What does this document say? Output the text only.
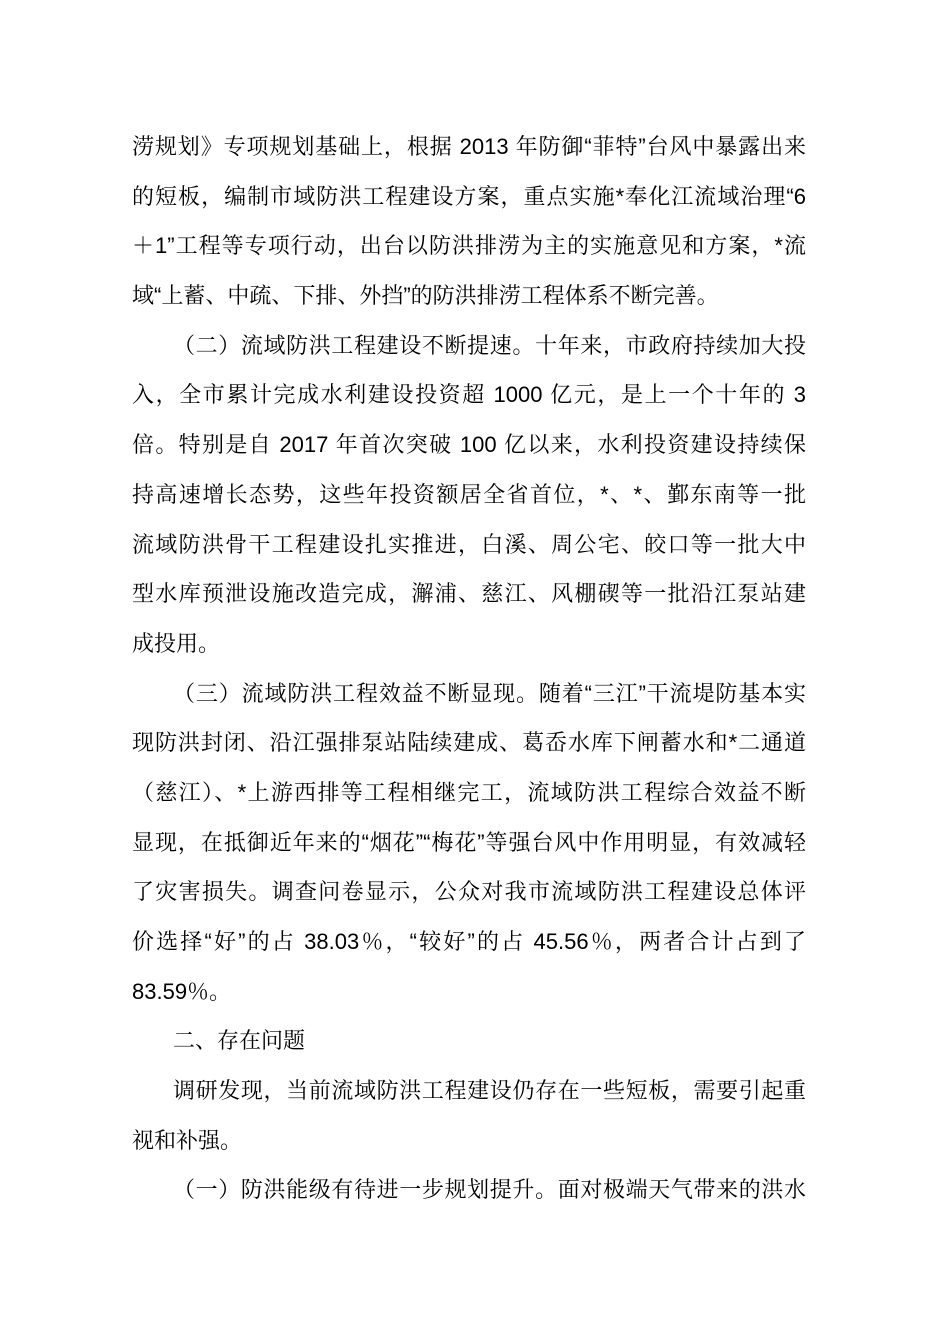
涝规划》专项规划基础上，根据 2013 年防御“菲特”台风中暴露出来
的短板，编制市域防洪工程建设方案，重点实施*奉化江流域治理“6
＋1”工程等专项行动，出台以防洪排涝为主的实施意见和方案，*流
域“上蓄、中疏、下排、外挡”的防洪排涝工程体系不断完善。
（二）流域防洪工程建设不断提速。十年来，市政府持续加大投
入，全市累计完成水利建设投资超 1000 亿元，是上一个十年的 3
倍。特别是自 2017 年首次突破 100 亿以来，水利投资建设持续保
持高速增长态势，这些年投资额居全省首位，*、*、鄞东南等一批
流域防洪骨干工程建设扎实推进，白溪、周公宅、皎口等一批大中
型水库预泄设施改造完成，澥浦、慈江、风棚碶等一批沿江泵站建
成投用。
（三）流域防洪工程效益不断显现。随着“三江”干流堤防基本实
现防洪封闭、沿江强排泵站陆续建成、葛岙水库下闸蓄水和*二通道
（慈江）、*上游西排等工程相继完工，流域防洪工程综合效益不断
显现，在抵御近年来的“烟花”“梅花”等强台风中作用明显，有效减轻
了灾害损失。调查问卷显示，公众对我市流域防洪工程建设总体评
价选择“好”的占 38.03％，“较好”的占 45.56％，两者合计占到了
83.59％。
二、存在问题
调研发现，当前流域防洪工程建设仍存在一些短板，需要引起重
视和补强。
（一）防洪能级有待进一步规划提升。面对极端天气带来的洪水
